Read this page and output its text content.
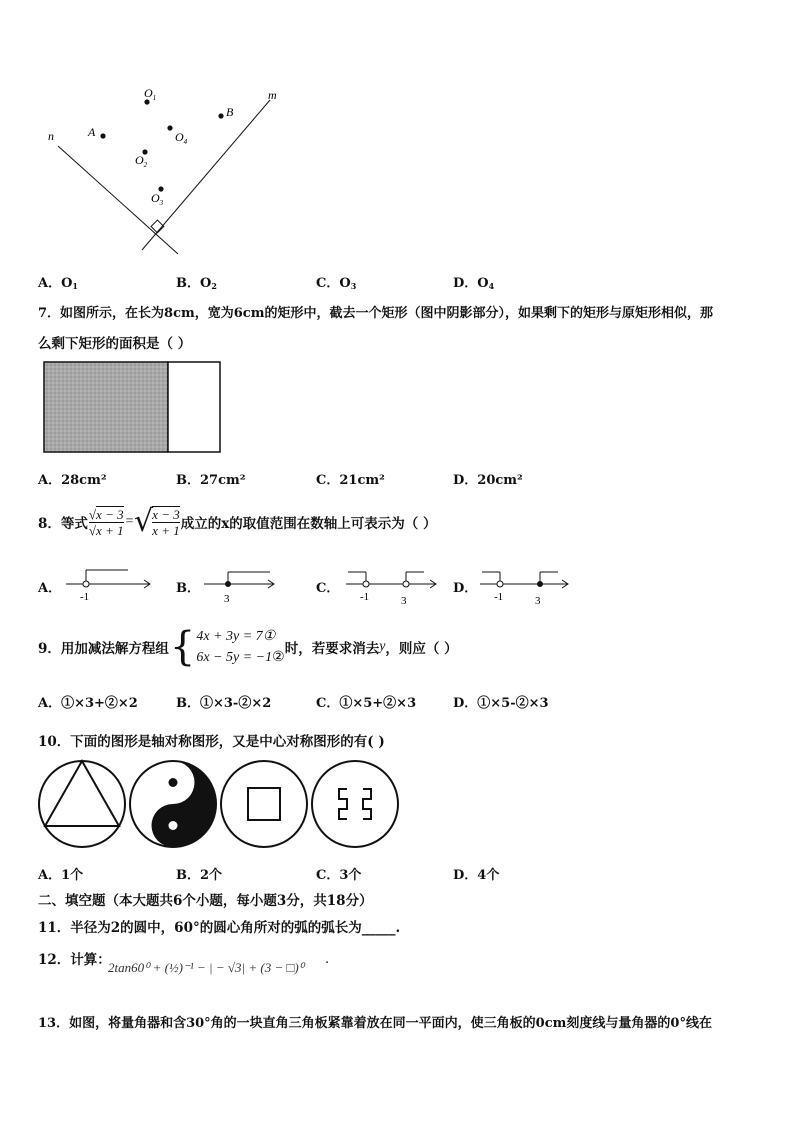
$O_1$
A	$O_4$
B
$O_2$
$O_3$
m
n
A．$O_1$	B．$O_2$	C．$O_3$	D．$O_4$
7．如图所示，在长为8cm，宽为6cm的矩形中，截去一个矩形（图中阴影部分），如果剩下的矩形与原矩形相似，那
么剩下矩形的面积是（ ）
A．28cm²	B．27cm²	C．21cm²	D．20cm²
8．等式 $\frac{√x - 3}{√x + 1}$ = √ $\frac{x - 3}{x + 1}$ 成立的x的取值范围在数轴上可表示为（ ）
A．
-1
B．
3
C．
-1	3
D．
-1	3
9．用加减法解方程组 { 4x + 3y = 7①
6x − 5y = −1②
时，若要求消去 y ，则应（ ）
A．①×3+②×2	B．①×3-②×2	C．①×5+②×3	D．①×5-②×3
10．下面的图形是轴对称图形，又是中心对称图形的有( )
A．1个	B．2个	C．3个	D．4个
二、填空题（本大题共6个小题，每小题3分，共18分）
11．半径为2的圆中，60°的圆心角所对的弧的弧长为_____.
12．计算：
2tan60⁰ + (½)⁻¹ − | − √3| + (3 − □)⁰
.
13．如图，将量角器和含30°角的一块直角三角板紧靠着放在同一平面内，使三角板的0cm刻度线与量角器的0°线在
